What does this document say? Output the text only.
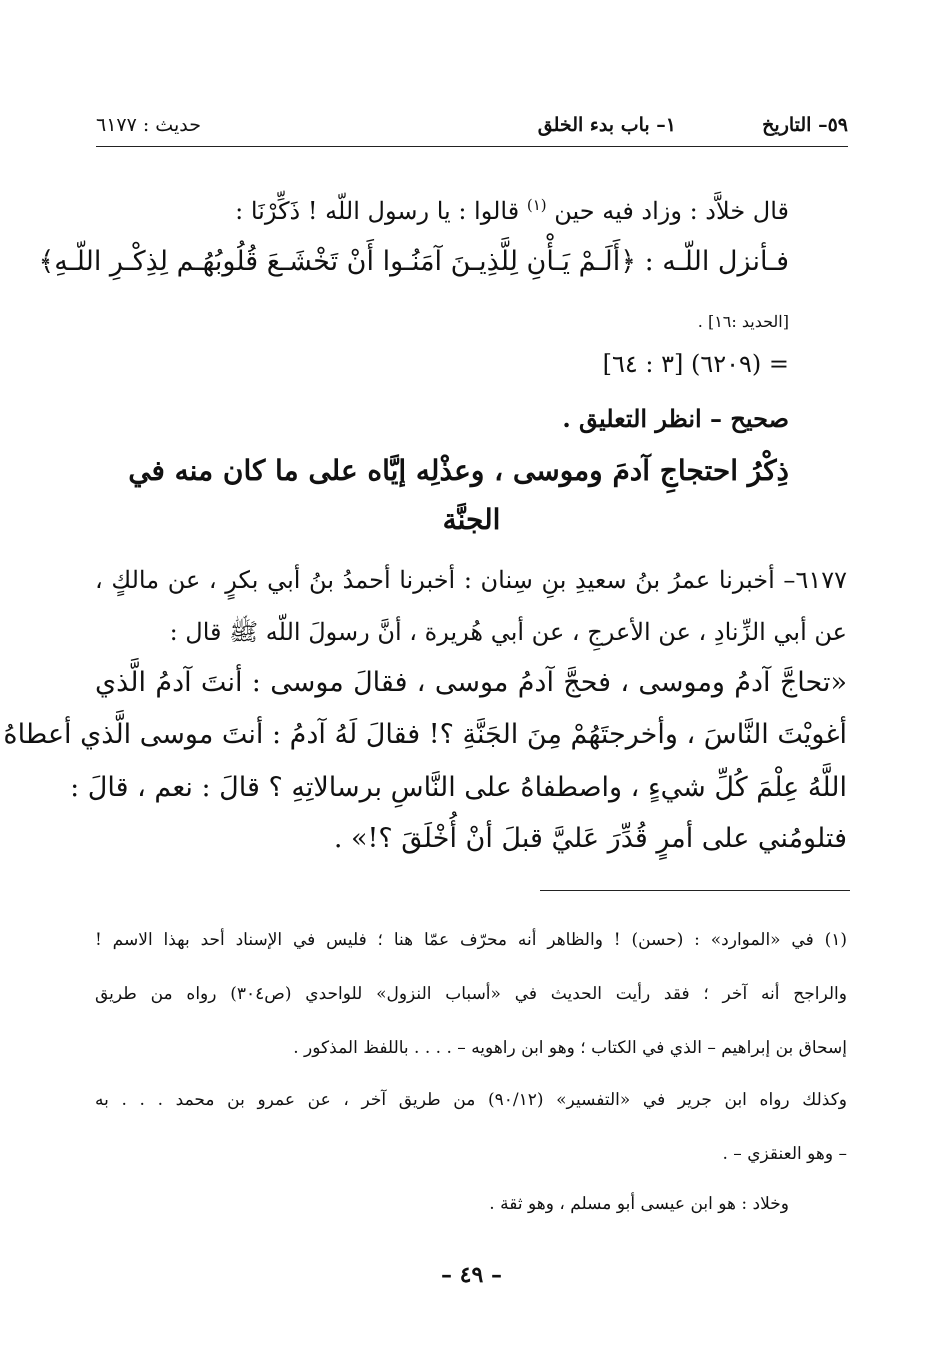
٥٩– التاريخ
١– باب بدء الخلق
حديث : ٦١٧٧
قال خلاَّد : وزاد فيه حين $^{(١)}$ قالوا : يا رسول اللّه ! ذَكِّرْنَا :
فـأنزل اللّـه : ﴿أَلَـمْ يَـأْنِ لِلَّذِيـنَ آمَنُـوا أَنْ تَخْشَـعَ قُلُوبُهُـم لِذِكْـرِ اللّـهِ﴾
[الحديد :١٦] .
= (٦٢٠٩) [٣ : ٦٤]
صحيح – انظر التعليق .
ذِكْرُ احتجاجِ آدمَ وموسى ، وعذْلِه إيَّاه على ما كان منه في
الجنَّة
٦١٧٧– أخبرنا عمرُ بنُ سعيدِ بنِ سِنان : أخبرنا أحمدُ بنُ أبي بكرٍ ، عن مالكٍ ،
عن أبي الزِّنادِ ، عن الأعرجِ ، عن أبي هُريرة ، أنَّ رسولَ اللّه ﷺ قال :
«تحاجَّ آدمُ وموسى ، فحجَّ آدمُ موسى ، فقالَ موسى : أنتَ آدمُ الَّذي
أغويْتَ النَّاسَ ، وأخرجتَهُمْ مِنَ الجَنَّةِ ؟! فقالَ لَهُ آدمُ : أنتَ موسى الَّذي أعطاهُ
اللَّهُ عِلْمَ كُلِّ شيءٍ ، واصطفاهُ على النَّاسِ برسالاتِهِ ؟ قالَ : نعم ، قالَ :
فتلومُني على أمرٍ قُدِّرَ عَليَّ قبلَ أنْ أُخْلَقَ ؟!» .
(١) في «الموارد» : (حسن) ! والظاهر أنه محرّف عمّا هنا ؛ فليس في الإسناد أحد بهذا الاسم !
والراجح أنه آخر ؛ فقد رأيت الحديث في «أسباب النزول» للواحدي (ص٣٠٤) رواه من طريق
إسحاق بن إبراهيم – الذي في الكتاب ؛ وهو ابن راهويه – . . . . باللفظ المذكور .
وكذلك رواه ابن جرير في «التفسير» (٩٠/١٢) من طريق آخر ، عن عمرو بن محمد . . . به
– وهو العنقزي – .
وخلاد : هو ابن عيسى أبو مسلم ، وهو ثقة .
– ٤٩ –
